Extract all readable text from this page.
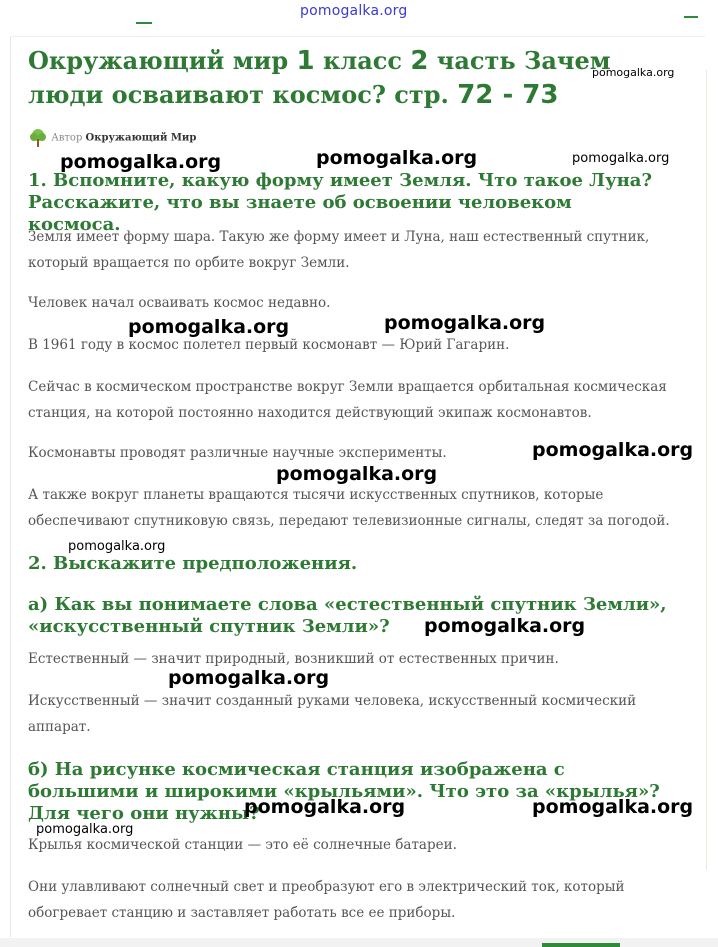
pomogalka.org
Окружающий мир 1 класс 2 часть Зачем люди осваивают космос? стр. 72 - 73
Автор Окружающий Мир
1. Вспомните, какую форму имеет Земля. Что такое Луна? Расскажите, что вы знаете об освоении человеком космоса.
Земля имеет форму шара. Такую же форму имеет и Луна, наш естественный спутник, который вращается по орбите вокруг Земли.
Человек начал осваивать космос недавно.
В 1961 году в космос полетел первый космонавт — Юрий Гагарин.
Сейчас в космическом пространстве вокруг Земли вращается орбитальная космическая станция, на которой постоянно находится действующий экипаж космонавтов.
Космонавты проводят различные научные эксперименты.
А также вокруг планеты вращаются тысячи искусственных спутников, которые обеспечивают спутниковую связь, передают телевизионные сигналы, следят за погодой.
2. Выскажите предположения.
а) Как вы понимаете слова «естественный спутник Земли», «искусственный спутник Земли»?
Естественный — значит природный, возникший от естественных причин.
Искусственный — значит созданный руками человека, искусственный космический аппарат.
б) На рисунке космическая станция изображена с большими и широкими «крыльями». Что это за «крылья»? Для чего они нужны?
Крылья космической станции — это её солнечные батареи.
Они улавливают солнечный свет и преобразуют его в электрический ток, который обогревает станцию и заставляет работать все ее приборы.
pomogalka.org
pomogalka.org	pomogalka.org	pomogalka.org
pomogalka.org	pomogalka.org
pomogalka.org
pomogalka.org
pomogalka.org
pomogalka.org
pomogalka.org
pomogalka.org	pomogalka.org
pomogalka.org
